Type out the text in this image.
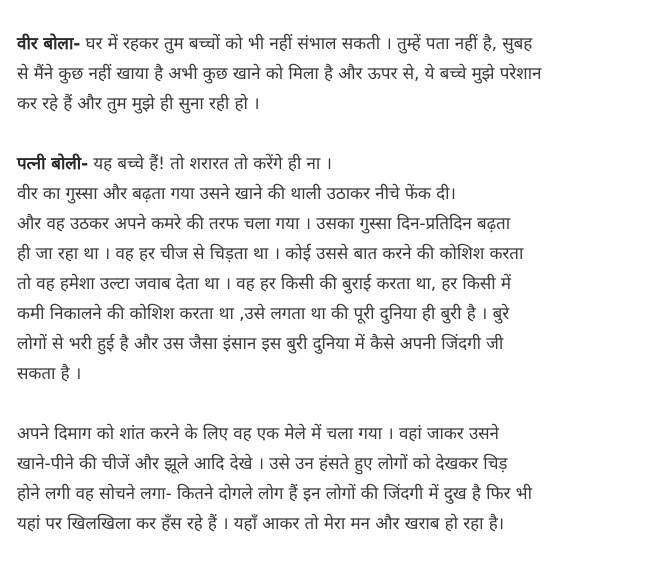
वीर बोला- घर में रहकर तुम बच्चों को भी नहीं संभाल सकती । तुम्हें पता नहीं है, सुबह
से मैंने कुछ नहीं खाया है अभी कुछ खाने को मिला है और ऊपर से, ये बच्चे मुझे परेशान
कर रहे हैं और तुम मुझे ही सुना रही हो ।

पत्नी बोली- यह बच्चे हैं! तो शरारत तो करेंगे ही ना ।
वीर का गुस्सा और बढ़ता गया उसने खाने की थाली उठाकर नीचे फेंक दी।
और वह उठकर अपने कमरे की तरफ चला गया । उसका गुस्सा दिन-प्रतिदिन बढ़ता
ही जा रहा था । वह हर चीज से चिड़ता था । कोई उससे बात करने की कोशिश करता
तो वह हमेशा उल्टा जवाब देता था । वह हर किसी की बुराई करता था, हर किसी में
कमी निकालने की कोशिश करता था ,उसे लगता था की पूरी दुनिया ही बुरी है । बुरे
लोगों से भरी हुई है और उस जैसा इंसान इस बुरी दुनिया में कैसे अपनी जिंदगी जी
सकता है ।

अपने दिमाग को शांत करने के लिए वह एक मेले में चला गया । वहां जाकर उसने
खाने-पीने की चीजें और झूले आदि देखे । उसे उन हंसते हुए लोगों को देखकर चिड़
होने लगी वह सोचने लगा- कितने दोगले लोग हैं इन लोगों की जिंदगी में दुख है फिर भी
यहां पर खिलखिला कर हँस रहे हैं । यहाँ आकर तो मेरा मन और खराब हो रहा है।
